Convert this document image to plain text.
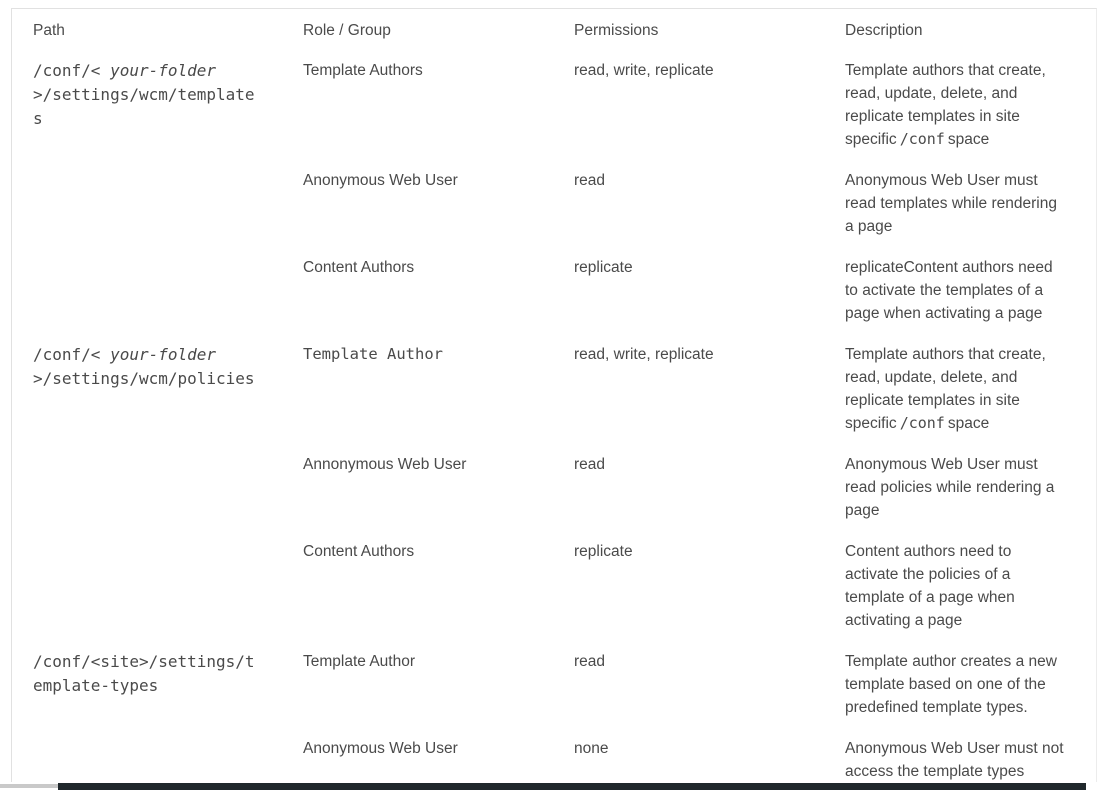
Path	Role / Group	Permissions	Description
/conf/< your-folder >/settings/wcm/templates
Template Authors	read, write, replicate	Template authors that create, read, update, delete, and replicate templates in site specific /conf space
Anonymous Web User	read	Anonymous Web User must read templates while rendering a page
Content Authors	replicate	replicateContent authors need to activate the templates of a page when activating a page
/conf/< your-folder >/settings/wcm/policies
Template Author	read, write, replicate	Template authors that create, read, update, delete, and replicate templates in site specific /conf space
Annonymous Web User	read	Anonymous Web User must read policies while rendering a page
Content Authors	replicate	Content authors need to activate the policies of a template of a page when activating a page
/conf/<site>/settings/template-types
Template Author	read	Template author creates a new template based on one of the predefined template types.
Anonymous Web User	none	Anonymous Web User must not access the template types
